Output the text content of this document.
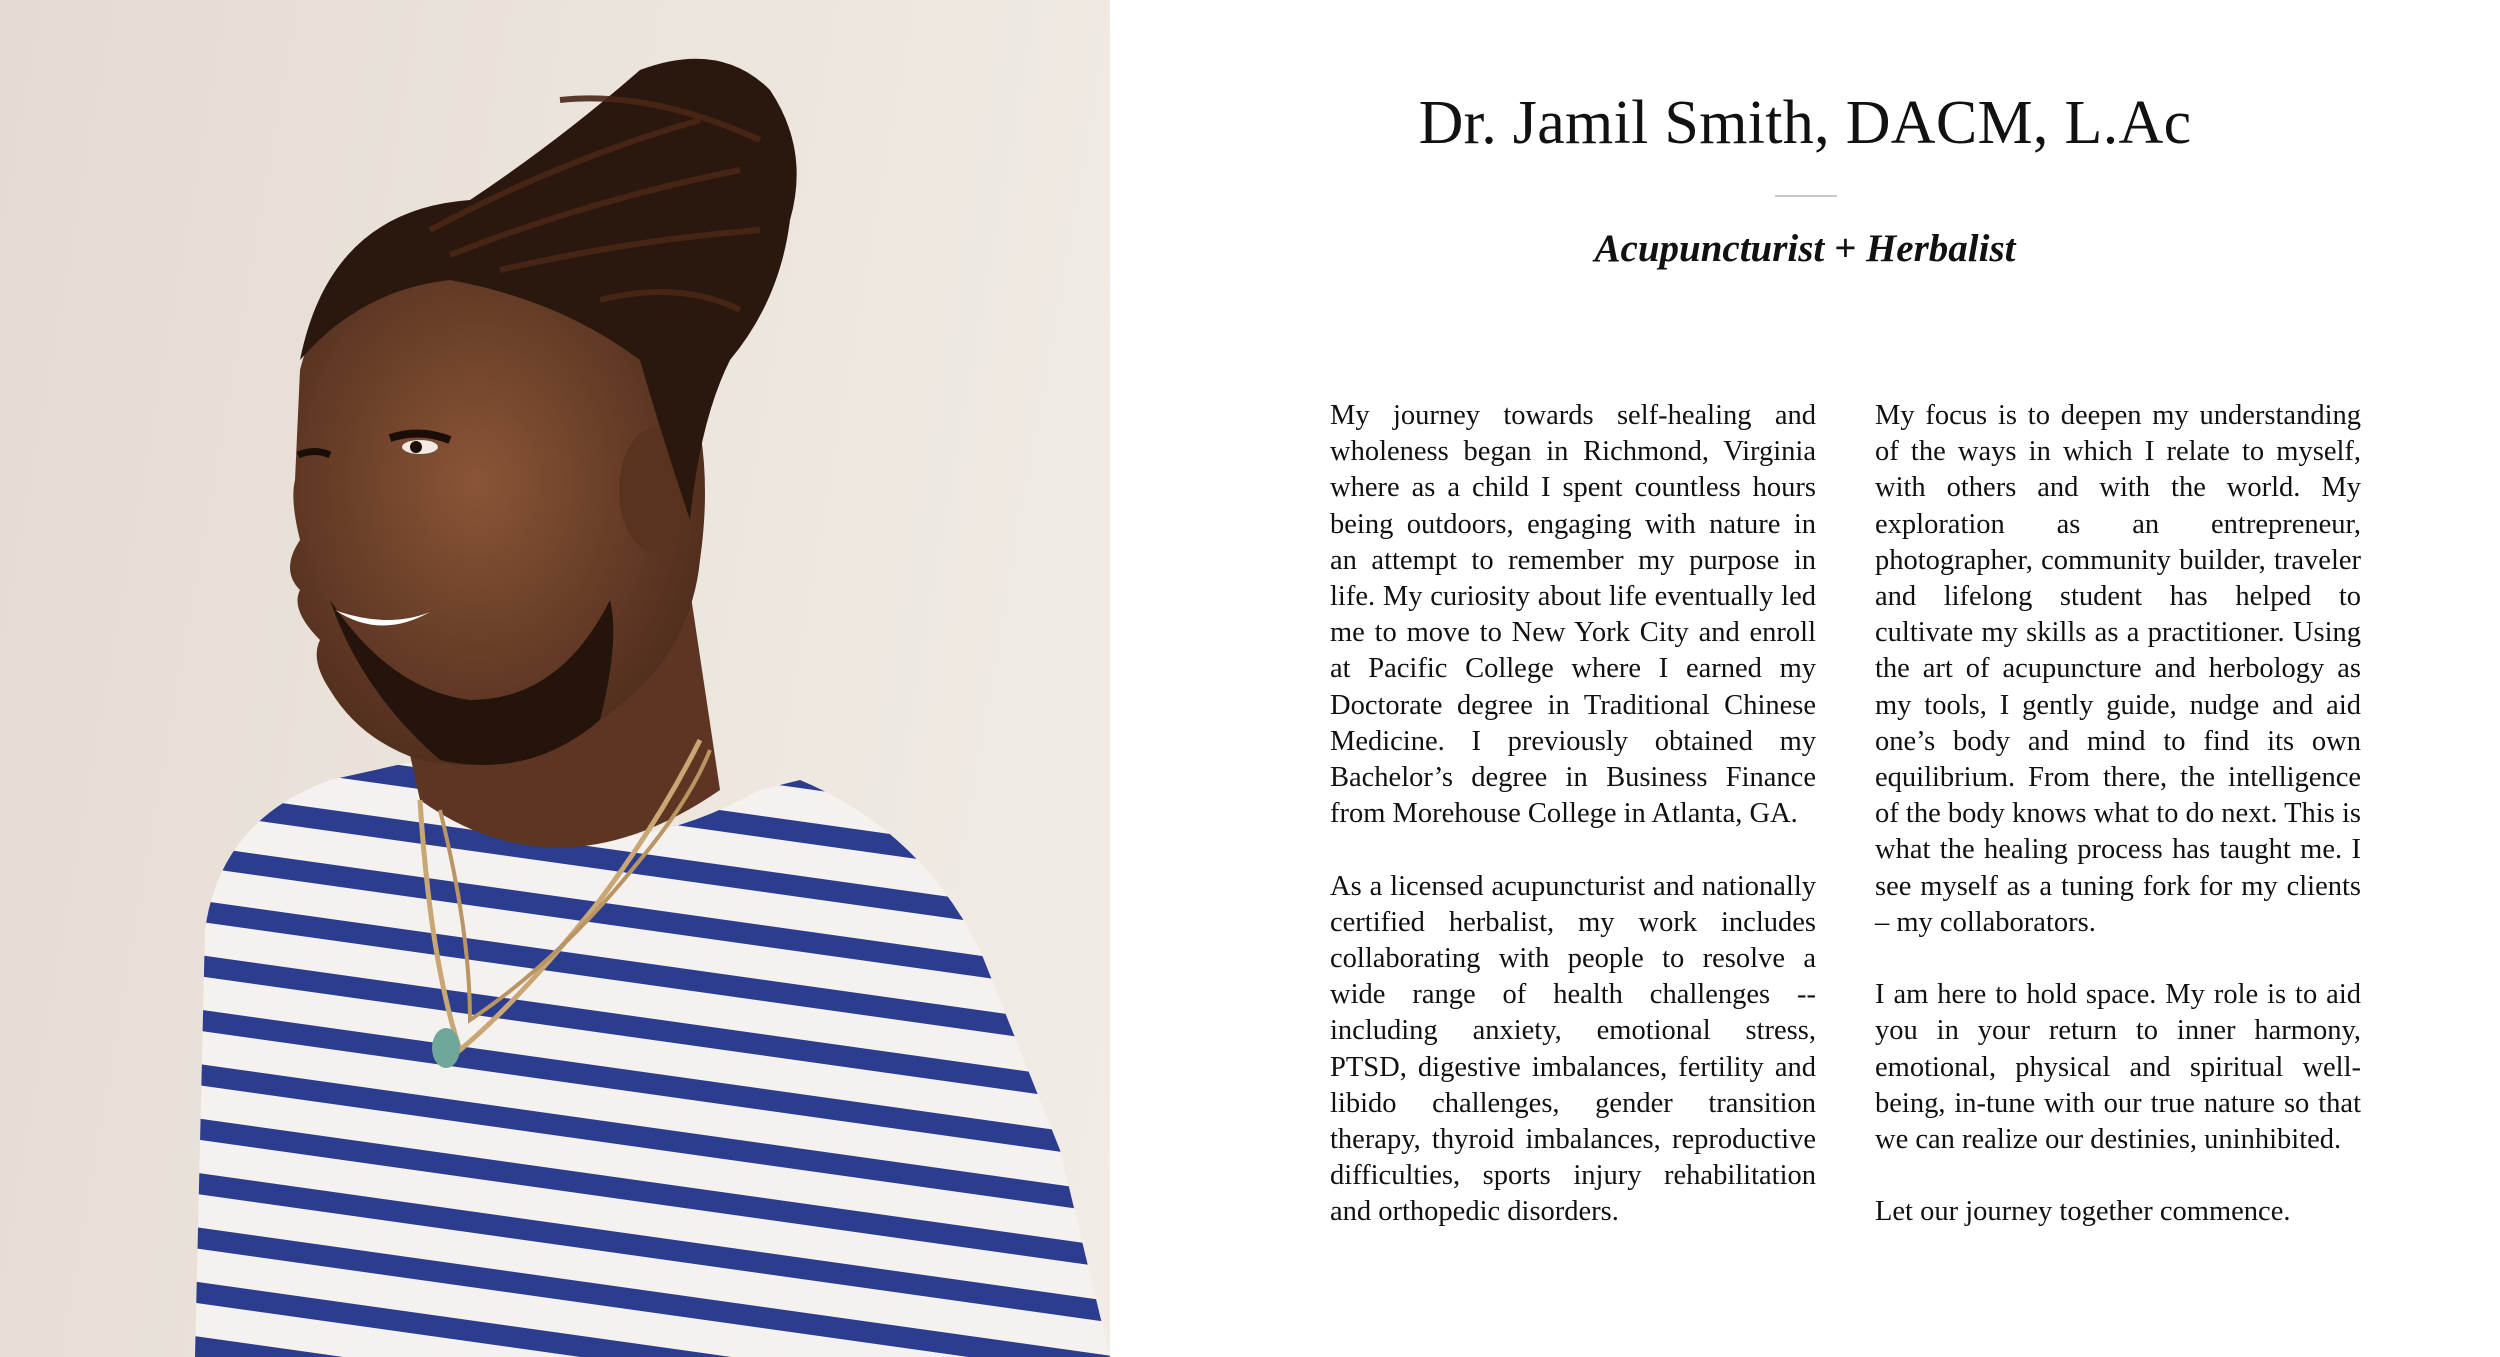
Dr. Jamil Smith, DACM, L.Ac
Acupuncturist + Herbalist

My journey towards self-healing and wholeness began in Richmond, Virginia where as a child I spent countless hours being outdoors, engaging with nature in an attempt to remember my purpose in life. My curiosity about life eventually led me to move to New York City and enroll at Pacific College where I earned my Doctorate degree in Traditional Chinese Medicine. I previously obtained my Bachelor’s degree in Business Finance from Morehouse College in Atlanta, GA.

As a licensed acupuncturist and nationally certified herbalist, my work includes collaborating with people to resolve a wide range of health challenges -- including anxiety, emotional stress, PTSD, digestive imbalances, fertility and libido challenges, gender transition therapy, thyroid imbalances, reproductive difficulties, sports injury rehabilitation and orthopedic disorders.

My focus is to deepen my understanding of the ways in which I relate to myself, with others and with the world. My exploration as an entrepreneur, photographer, community builder, traveler and lifelong student has helped to cultivate my skills as a practitioner. Using the art of acupuncture and herbology as my tools, I gently guide, nudge and aid one’s body and mind to find its own equilibrium. From there, the intelligence of the body knows what to do next. This is what the healing process has taught me. I see myself as a tuning fork for my clients – my collaborators.

I am here to hold space. My role is to aid you in your return to inner harmony, emotional, physical and spiritual well-being, in-tune with our true nature so that we can realize our destinies, uninhibited.

Let our journey together commence.
